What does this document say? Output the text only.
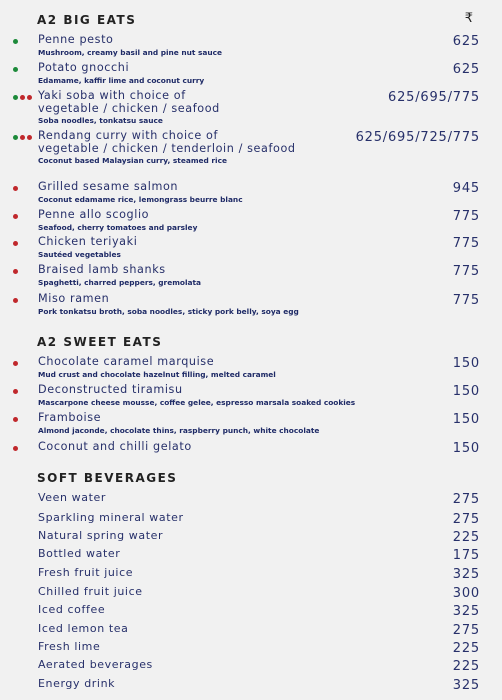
₹
A2 BIG EATS
Penne pesto	625
Mushroom, creamy basil and pine nut sauce
Potato gnocchi	625
Edamame, kaffir lime and coconut curry
Yaki soba with choice of
vegetable / chicken / seafood
625/695/775
Soba noodles, tonkatsu sauce
Rendang curry with choice of
vegetable / chicken / tenderloin / seafood
625/695/725/775
Coconut based Malaysian curry, steamed rice
Grilled sesame salmon	945
Coconut edamame rice, lemongrass beurre blanc
Penne allo scoglio	775
Seafood, cherry tomatoes and parsley
Chicken teriyaki	775
Sautéed vegetables
Braised lamb shanks	775
Spaghetti, charred peppers, gremolata
Miso ramen	775
Pork tonkatsu broth, soba noodles, sticky pork belly, soya egg
A2 SWEET EATS
Chocolate caramel marquise	150
Mud crust and chocolate hazelnut filling, melted caramel
Deconstructed tiramisu	150
Mascarpone cheese mousse, coffee gelee, espresso marsala soaked cookies
Framboise	150
Almond jaconde, chocolate thins, raspberry punch, white chocolate
Coconut and chilli gelato	150
SOFT BEVERAGES
Veen water	275
Sparkling mineral water	275
Natural spring water	225
Bottled water	175
Fresh fruit juice	325
Chilled fruit juice	300
Iced coffee	325
Iced lemon tea	275
Fresh lime	225
Aerated beverages	225
Energy drink	325
